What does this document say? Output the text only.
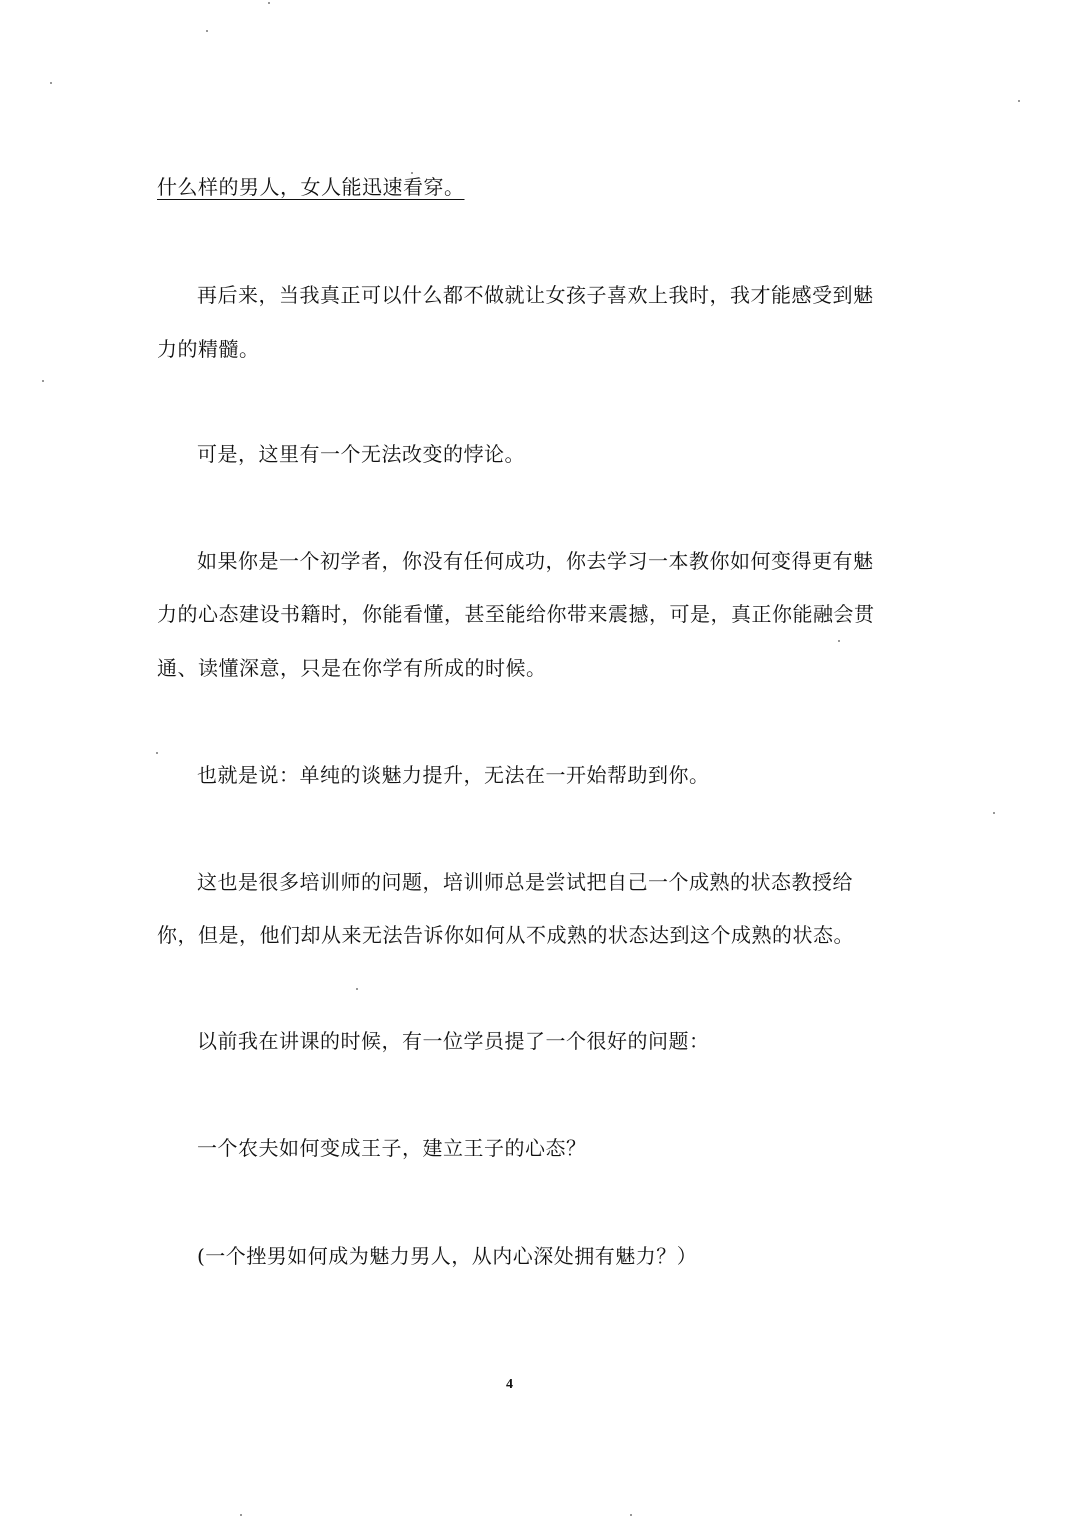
什么样的男人，女人能迅速看穿。
再后来，当我真正可以什么都不做就让女孩子喜欢上我时，我才能感受到魅
力的精髓。
可是，这里有一个无法改变的悖论。
如果你是一个初学者，你没有任何成功，你去学习一本教你如何变得更有魅
力的心态建设书籍时，你能看懂，甚至能给你带来震撼，可是，真正你能融会贯
通、读懂深意，只是在你学有所成的时候。
也就是说：单纯的谈魅力提升，无法在一开始帮助到你。
这也是很多培训师的问题，培训师总是尝试把自己一个成熟的状态教授给
你，但是，他们却从来无法告诉你如何从不成熟的状态达到这个成熟的状态。
以前我在讲课的时候，有一位学员提了一个很好的问题：
一个农夫如何变成王子，建立王子的心态？
(一个挫男如何成为魅力男人，从内心深处拥有魅力？）
4
